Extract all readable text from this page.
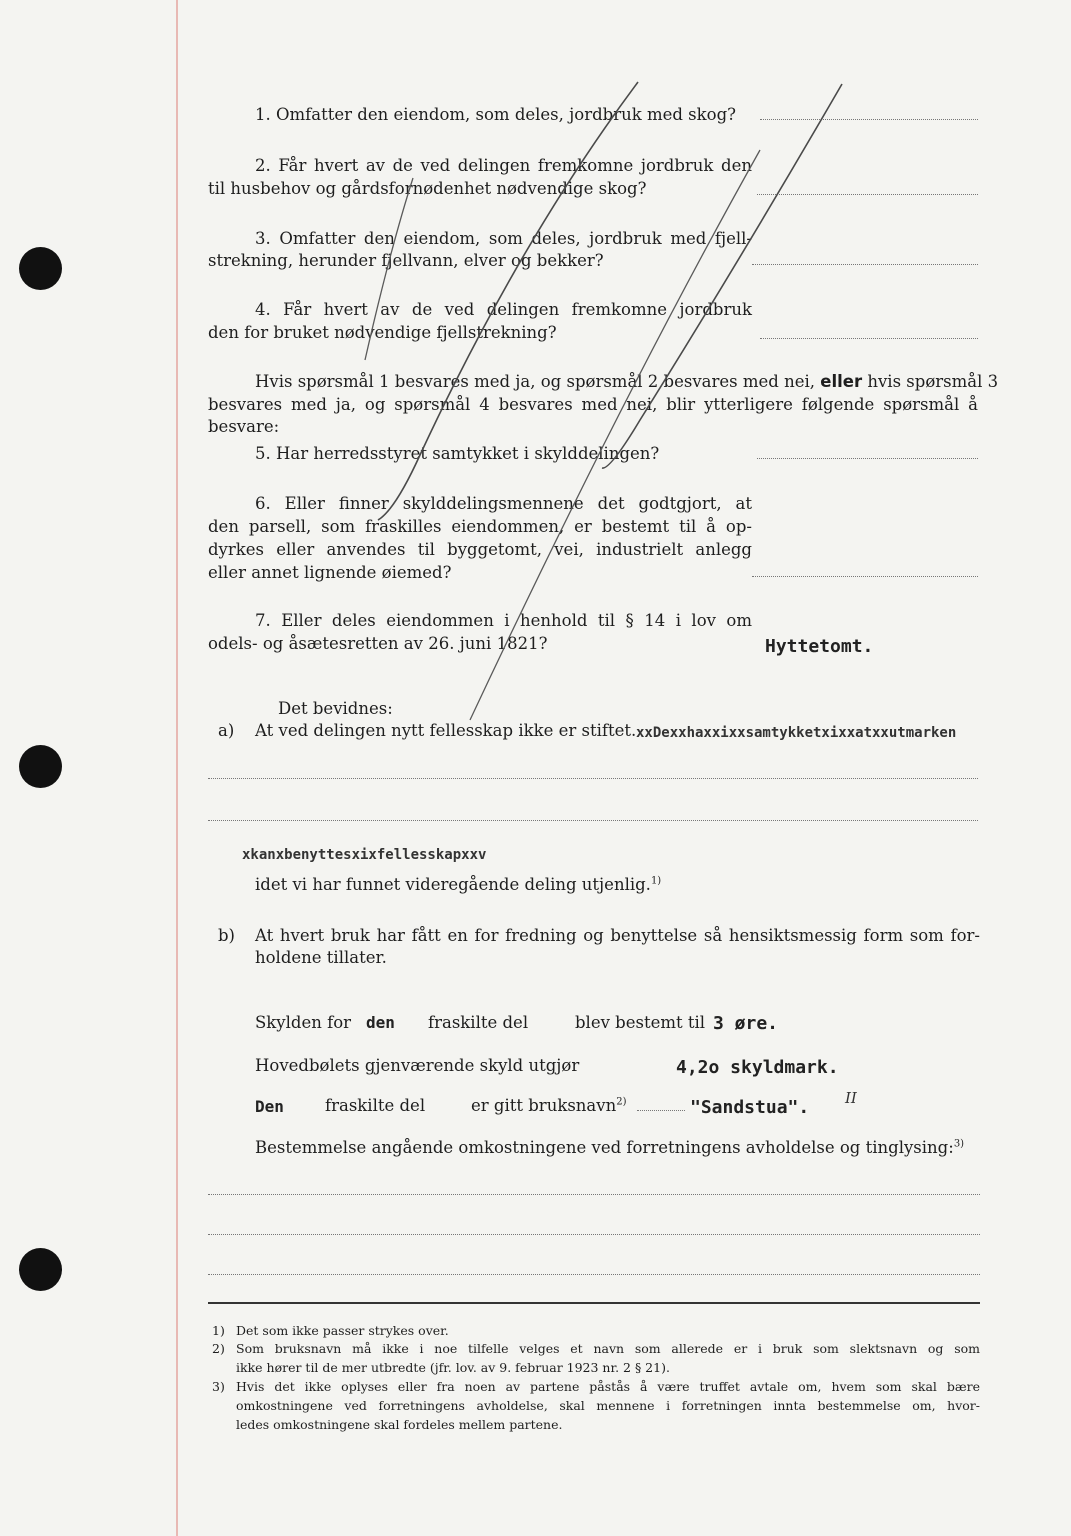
1. Omfatter den eiendom, som deles, jordbruk med skog?
2. Får hvert av de ved delingen fremkomne jordbruk den
til husbehov og gårdsfornødenhet nødvendige skog?
3. Omfatter den eiendom, som deles, jordbruk med fjell-
strekning, herunder fjellvann, elver og bekker?
4. Får hvert av de ved delingen fremkomne jordbruk
den for bruket nødvendige fjellstrekning?
Hvis spørsmål 1 besvares med ja, og spørsmål 2 besvares med nei, eller hvis spørsmål 3
besvares med ja, og spørsmål 4 besvares med nei, blir ytterligere følgende spørsmål å besvare:
5. Har herredsstyret samtykket i skylddelingen?
6. Eller finner skylddelingsmennene det godtgjort, at
den parsell, som fraskilles eiendommen, er bestemt til å op-
dyrkes eller anvendes til byggetomt, vei, industrielt anlegg
eller annet lignende øiemed?
7. Eller deles eiendommen i henhold til § 14 i lov om
odels- og åsætesretten av 26. juni 1821?	Hyttetomt.
Det bevidnes:
a) At ved delingen nytt fellesskap ikke er stiftet. xxDexxhaxxixxsamtykketxixxatxxutmarken
xkanxbenyttesxixfellesskapxxv
idet vi har funnet videregående deling utjenlig.$^{1)}$
b) At hvert bruk har fått en for fredning og benyttelse så hensiktsmessig form som for-
holdene tillater.
Skylden for den fraskilte del	blev bestemt til 3 øre.
Hovedbølets gjenværende skyld utgjør	4,2o skyldmark.
Den fraskilte del	er gitt bruksnavn$^{2)}$	"Sandstua". II
Bestemmelse angående omkostningene ved forretningens avholdelse og tinglysing:$^{3)}$
1) Det som ikke passer strykes over.
2) Som bruksnavn må ikke i noe tilfelle velges et navn som allerede er i bruk som slektsnavn og som
ikke hører til de mer utbredte (jfr. lov. av 9. februar 1923 nr. 2 § 21).
3) Hvis det ikke oplyses eller fra noen av partene påstås å være truffet avtale om, hvem som skal bære
omkostningene ved forretningens avholdelse, skal mennene i forretningen innta bestemmelse om, hvor-
ledes omkostningene skal fordeles mellem partene.
